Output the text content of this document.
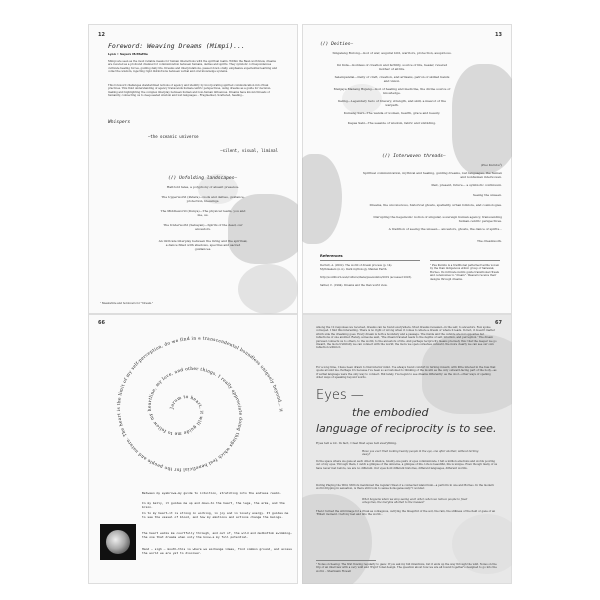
12
Foreword: Weaving Dreams (Mimpi)...
Lyon • Sayers McMattie
Mimpi are seen as the most reliable means for human interactions with the spiritual realm. Within the Baan worldview, dreams are revered as a profound channel for communication between humans, deities and spirits. They symbolic correspondences cultivate healing forces, guiding daily life. Dreams and interpretations, passed down orally, emphasize experiential learning and collective wisdom, rejecting rigid distinctions between verbal and oral knowledge systems.
This foreword challenges standardized notions of agency and identity by incorporating spirited communication into ritual practices. This fluid understanding of agency transcends human-centric perspectives, using dreams as a guide for decision-making and highlighting the complex interplay between human and non-human influences. Dreams have known threads of humanity, connecting us to deep-seated wisdom and lost languages – Fragmented, Scattered, Sealing...
Whispers
—the oceanic universe
—silent, visual, liminal
(/) Unfolding landscapes—
Half-told tales, a polyphony of absent presence.
The Upperworld (Petara)—Gods and deities, guidance, protection, blessings.
The Middleworld (Dunya)—The physical realm, you and me, us.
The Underworld (Sebayan)—Spirits of the dead, our ancestors.
An intricate interplay between the living and the spiritual, a dance filled with shadows, spectres and sacred guidances.
¹ Meanwhile and holdovers for "Dream."
13
(/) Deities—
Singalang Burong—God of war, augural bird, warriors, protection, auspicious.
Ini Inda—Goddess of creation and fertility, source of life, healer, revered mother of all life.
Selempandai—Deity of craft, creation, and artisans, patron of skilled hands and vision.
Menjaya Manang Bujang—God of healing and medicine, the divine source of knowledge.
Keling—Legendary hero of bravery, strength, and skill, a mascot of the warpath.
Kumang Suri—The wanda of women, hearth, grace and beauty.
Kapas Sabi—The seaside of wisdom, fabric and unfolding.
(/) Interwoven threads—
(Pua Kumbu¹)
Spiritual communication, mythical and healing, guiding dreams, lost languages, the human and nonhuman interwoven.
Past, present, future— a symbiotic continuum.
Seeing the unseen.
Dreams, the unconscious, historical ghosts, spatiality, urban folklore, and cosmologies.
Disrupting the hegemonic notion of singular, sovereign human agency, transcending human-centric perspectives.
A tradition of seeing the unseen— ancestors, ghosts, the dance of spirits...
The dreamwork.
References
Derrett, A. (2002). The world of dream process (p. 14).
Mythmakers (n.d.). Dark mythology. Maiden Earth.
http://southborn.web/culture/ibans/pua-kumbu/2019 (accessed 2023).
Sather, C. (1994). Dreams and the Iban world view.
¹ Pua Kumbu is a traditional patterned textile woven by the Iban indigenous ethnic group of Sarawak, Borneo. Its intricate motifs guide transitional rituals and ceremonies to "dream". Weavers receive their designs through dreams.
66
Jarum to heart, it will guide me to follow my heartline, my love, and other things. I really appreciate doing things which feel beneficial for the people and nature. The heart is the limit of my self-perception, do we find in a transcendental boundless uniquely beyond… it
Between my eyebrows—my guide to intuition, stretching into the endless realm.
In my belly, it guides me up and down—to the heart, the legs, the arms, and the brain.
In to my heart—it is strong in working, in joy and in lovely energy. It guides me to see the vessel of blood, and how my emotions and actions change the beings.
The heart walks me courtfully through, and out of, the wild and mudbottom swimming—the one that dreams when only the know-a my full potential.
Hand – sigh – mouth—this is where we exchange ideas, find common ground, and access the world we are yet to discover.
67
Among the 12 responses we received, dreams can be found everywhere. Most dreams revealed—in the self, to ancestors. Few spoke conveyed. I find this interesting. There is no right or wrong when it comes to where a dream or where it leads. In fact, it doesn't matter which side the dreaming goes. Every dream is both a boundary and a passage. The inside and the outside are not opposites but reflections of one another. Rarely, someone said, 'The dream traveled leads to the depths of self, intuition, and perception.' The dream pursued connects us to others, to the world, to the ancestors of life. And perhaps reciprocity means precisely this: that the deeper we go inward, the more truthfully we can connect with the world; the more we open ourselves outward, the more clearly we can see our own reflection within it.
For a long time, I have been drawn to that interior mind. I've always found comfort in turning inward, with little interest in the fuss that opens around me. Perhaps it's because I've been so accustomed to thinking of the mouth as the only outward-facing part of the body—as if verbal language were the only way to connect. But lately, I've begun to see dreams differently: as the door—other ways of opening other ways of speaking beyond words.
Eyes —
the embodied
language of reciprocity is to see.
Eyes tell a lot. In fact, I feel that eyes tell everything.
Have you ever tried looking twenty people in the eye, one after another, without turning away?
In the space where we gaze at each other in silence, twenty-one pairs of eyes communicate. I felt a million emotions and words pouring out of my eyes. Through them, I catch a glimpse of the universe, a glimpse of life. Life is beautiful, life is unique. Even though many of us have never met before, we are no different. Our eyes hold different histories, different languages, different worlds.
During Playing the Wild, Mirrors mentioned the regular ritual of a connected island hum—a perform in one and Borneo. In the modern world dripping in sensation, is there still room to sense homogeneously? I wonder.
What happens when we stop seeing each other, when we reduce people to fixed categories, the margins allotted to the masses?
Then I turned the wild image for a ritual as contagious, carrying the blueprint of the soil, the rain, the stillness of the field or gaze of an 'Ethan' moment. I left my feet and into the world...
¹ Notes on Seeing: The first flowing regularly to gaze: If you ask my full intentions, but it ends up the way through the wild. Notes on the trip of an interview with a very wild and 'frigid' tonal design. The question about how we are all bound together's designed to go into the world. – Shermann Howell
